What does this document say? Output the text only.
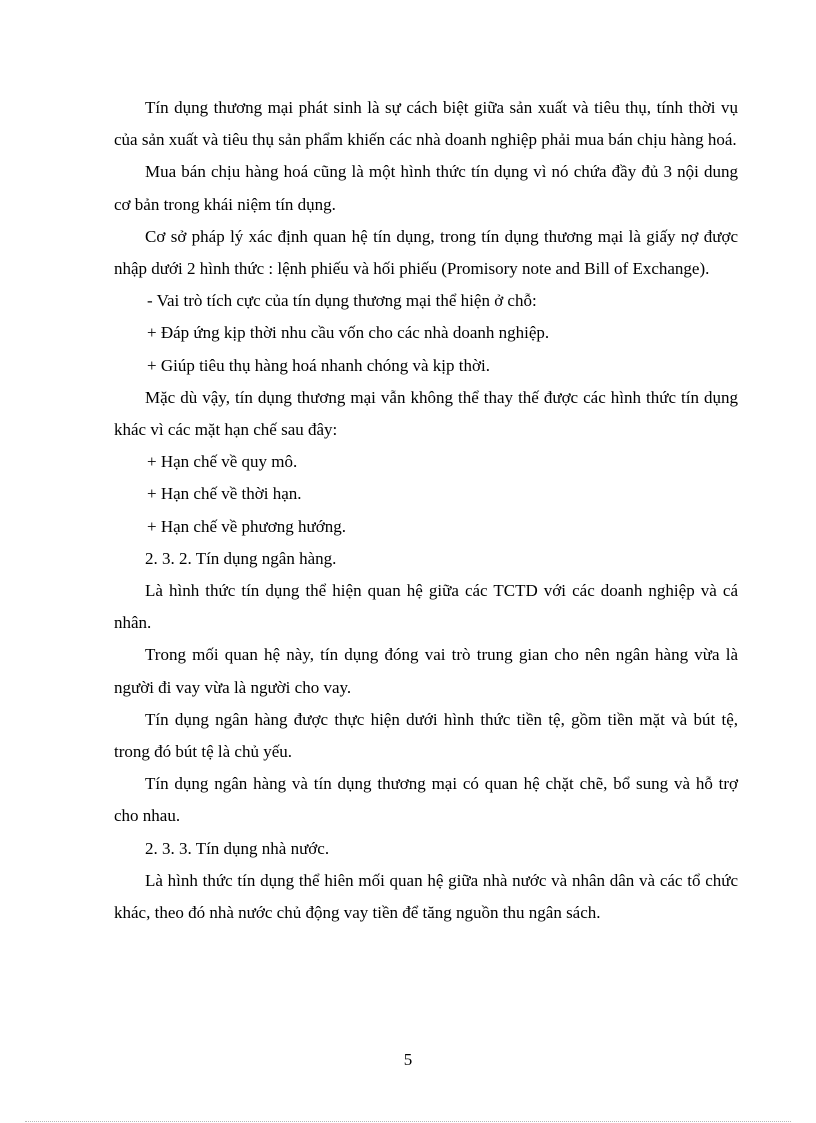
Tín dụng thương mại phát sinh là sự cách biệt giữa sản xuất và tiêu thụ, tính thời vụ của sản xuất và tiêu thụ sản phẩm khiến các nhà doanh nghiệp phải mua bán chịu hàng hoá.

Mua bán chịu hàng hoá cũng là một hình thức tín dụng vì nó chứa đầy đủ 3 nội dung cơ bản trong khái niệm tín dụng.

Cơ sở pháp lý xác định quan hệ tín dụng, trong tín dụng thương mại là giấy nợ được nhập dưới 2 hình thức : lệnh phiếu và hối phiếu (Promisory note and Bill of Exchange).

- Vai trò tích cực của tín dụng thương mại thể hiện ở chỗ:

+ Đáp ứng kịp thời nhu cầu vốn cho các nhà doanh nghiệp.

+ Giúp tiêu thụ hàng hoá nhanh chóng và kịp thời.

Mặc dù vậy, tín dụng thương mại vẫn không thể thay thế được các hình thức tín dụng khác vì các mặt hạn chế sau đây:

+ Hạn chế về quy mô.

+ Hạn chế về thời hạn.

+ Hạn chế về phương hướng.

2. 3. 2. Tín dụng ngân hàng.

Là hình thức tín dụng thể hiện quan hệ giữa các TCTD với các doanh nghiệp và cá nhân.

Trong mối quan hệ này, tín dụng đóng vai trò trung gian cho nên ngân hàng vừa là người đi vay vừa là người cho vay.

Tín dụng ngân hàng được thực hiện dưới hình thức tiền tệ, gồm tiền mặt và bút tệ, trong đó bút tệ là chủ yếu.

Tín dụng ngân hàng và tín dụng thương mại có quan hệ chặt chẽ, bổ sung và hỗ trợ cho nhau.

2. 3. 3. Tín dụng nhà nước.

Là hình thức tín dụng thể hiên mối quan hệ giữa nhà nước và nhân dân và các tổ chức khác, theo đó nhà nước chủ động vay tiền để tăng nguồn thu ngân sách.

5
